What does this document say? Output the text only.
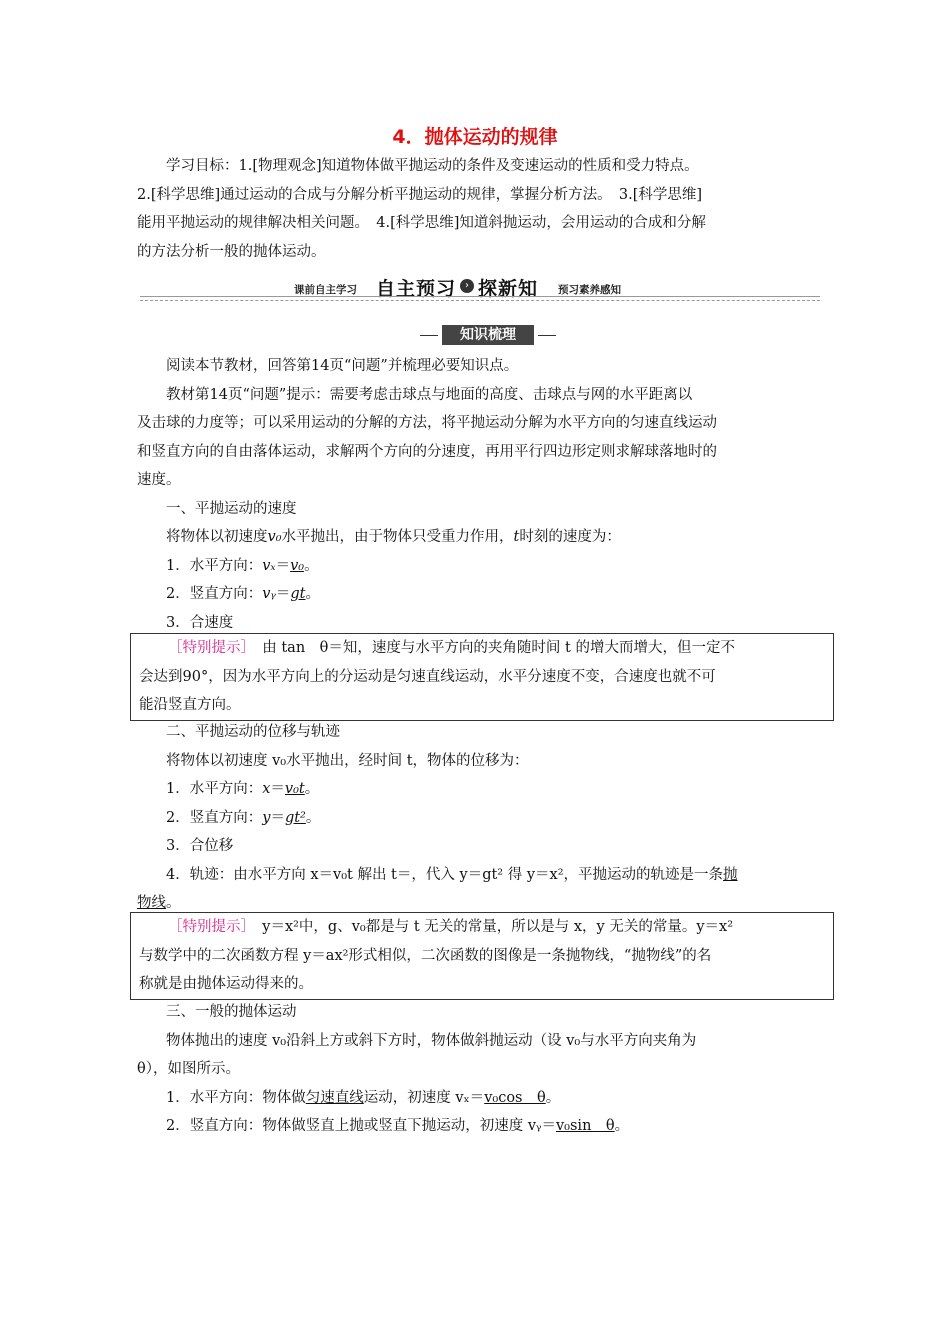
4．抛体运动的规律

学习目标：1.[物理观念]知道物体做平抛运动的条件及变速运动的性质和受力特点。

2.[科学思维]通过运动的合成与分解分析平抛运动的规律，掌握分析方法。　3.[科学思维]

能用平抛运动的规律解决相关问题。　4.[科学思维]知道斜抛运动，会用运动的合成和分解

的方法分析一般的抛体运动。

课前自主学习 自主预习 › 探新知 预习素养感知
知识梳理

阅读本节教材，回答第14页“问题”并梳理必要知识点。

教材第14页“问题”提示：需要考虑击球点与地面的高度、击球点与网的水平距离以

及击球的力度等；可以采用运动的分解的方法，将平抛运动分解为水平方向的匀速直线运动

和竖直方向的自由落体运动，求解两个方向的分速度，再用平行四边形定则求解球落地时的

速度。

一、平抛运动的速度

将物体以初速度v₀水平抛出，由于物体只受重力作用，t时刻的速度为：

1．水平方向：vₓ＝v₀。

2．竖直方向：vᵧ＝gt。

3．合速度

［特别提示］　由 tan　θ＝知，速度与水平方向的夹角随时间 t 的增大而增大，但一定不
会达到90°，因为水平方向上的分运动是匀速直线运动，水平分速度不变，合速度也就不可
能沿竖直方向。

二、平抛运动的位移与轨迹

将物体以初速度 v₀水平抛出，经时间 t，物体的位移为：

1．水平方向：x＝v₀t。

2．竖直方向：y＝gt²。

3．合位移

4．轨迹：由水平方向 x＝v₀t 解出 t＝，代入 y＝gt² 得 y＝x²，平抛运动的轨迹是一条抛

物线。

［特别提示］　y＝x²中，g、v₀都是与 t 无关的常量，所以是与 x，y 无关的常量。y＝x²
与数学中的二次函数方程 y＝ax²形式相似，二次函数的图像是一条抛物线，“抛物线”的名
称就是由抛体运动得来的。

三、一般的抛体运动

物体抛出的速度 v₀沿斜上方或斜下方时，物体做斜抛运动（设 v₀与水平方向夹角为

θ），如图所示。

1．水平方向：物体做匀速直线运动，初速度 vₓ＝v₀cos　θ。

2．竖直方向：物体做竖直上抛或竖直下抛运动，初速度 vᵧ＝v₀sin　θ。
